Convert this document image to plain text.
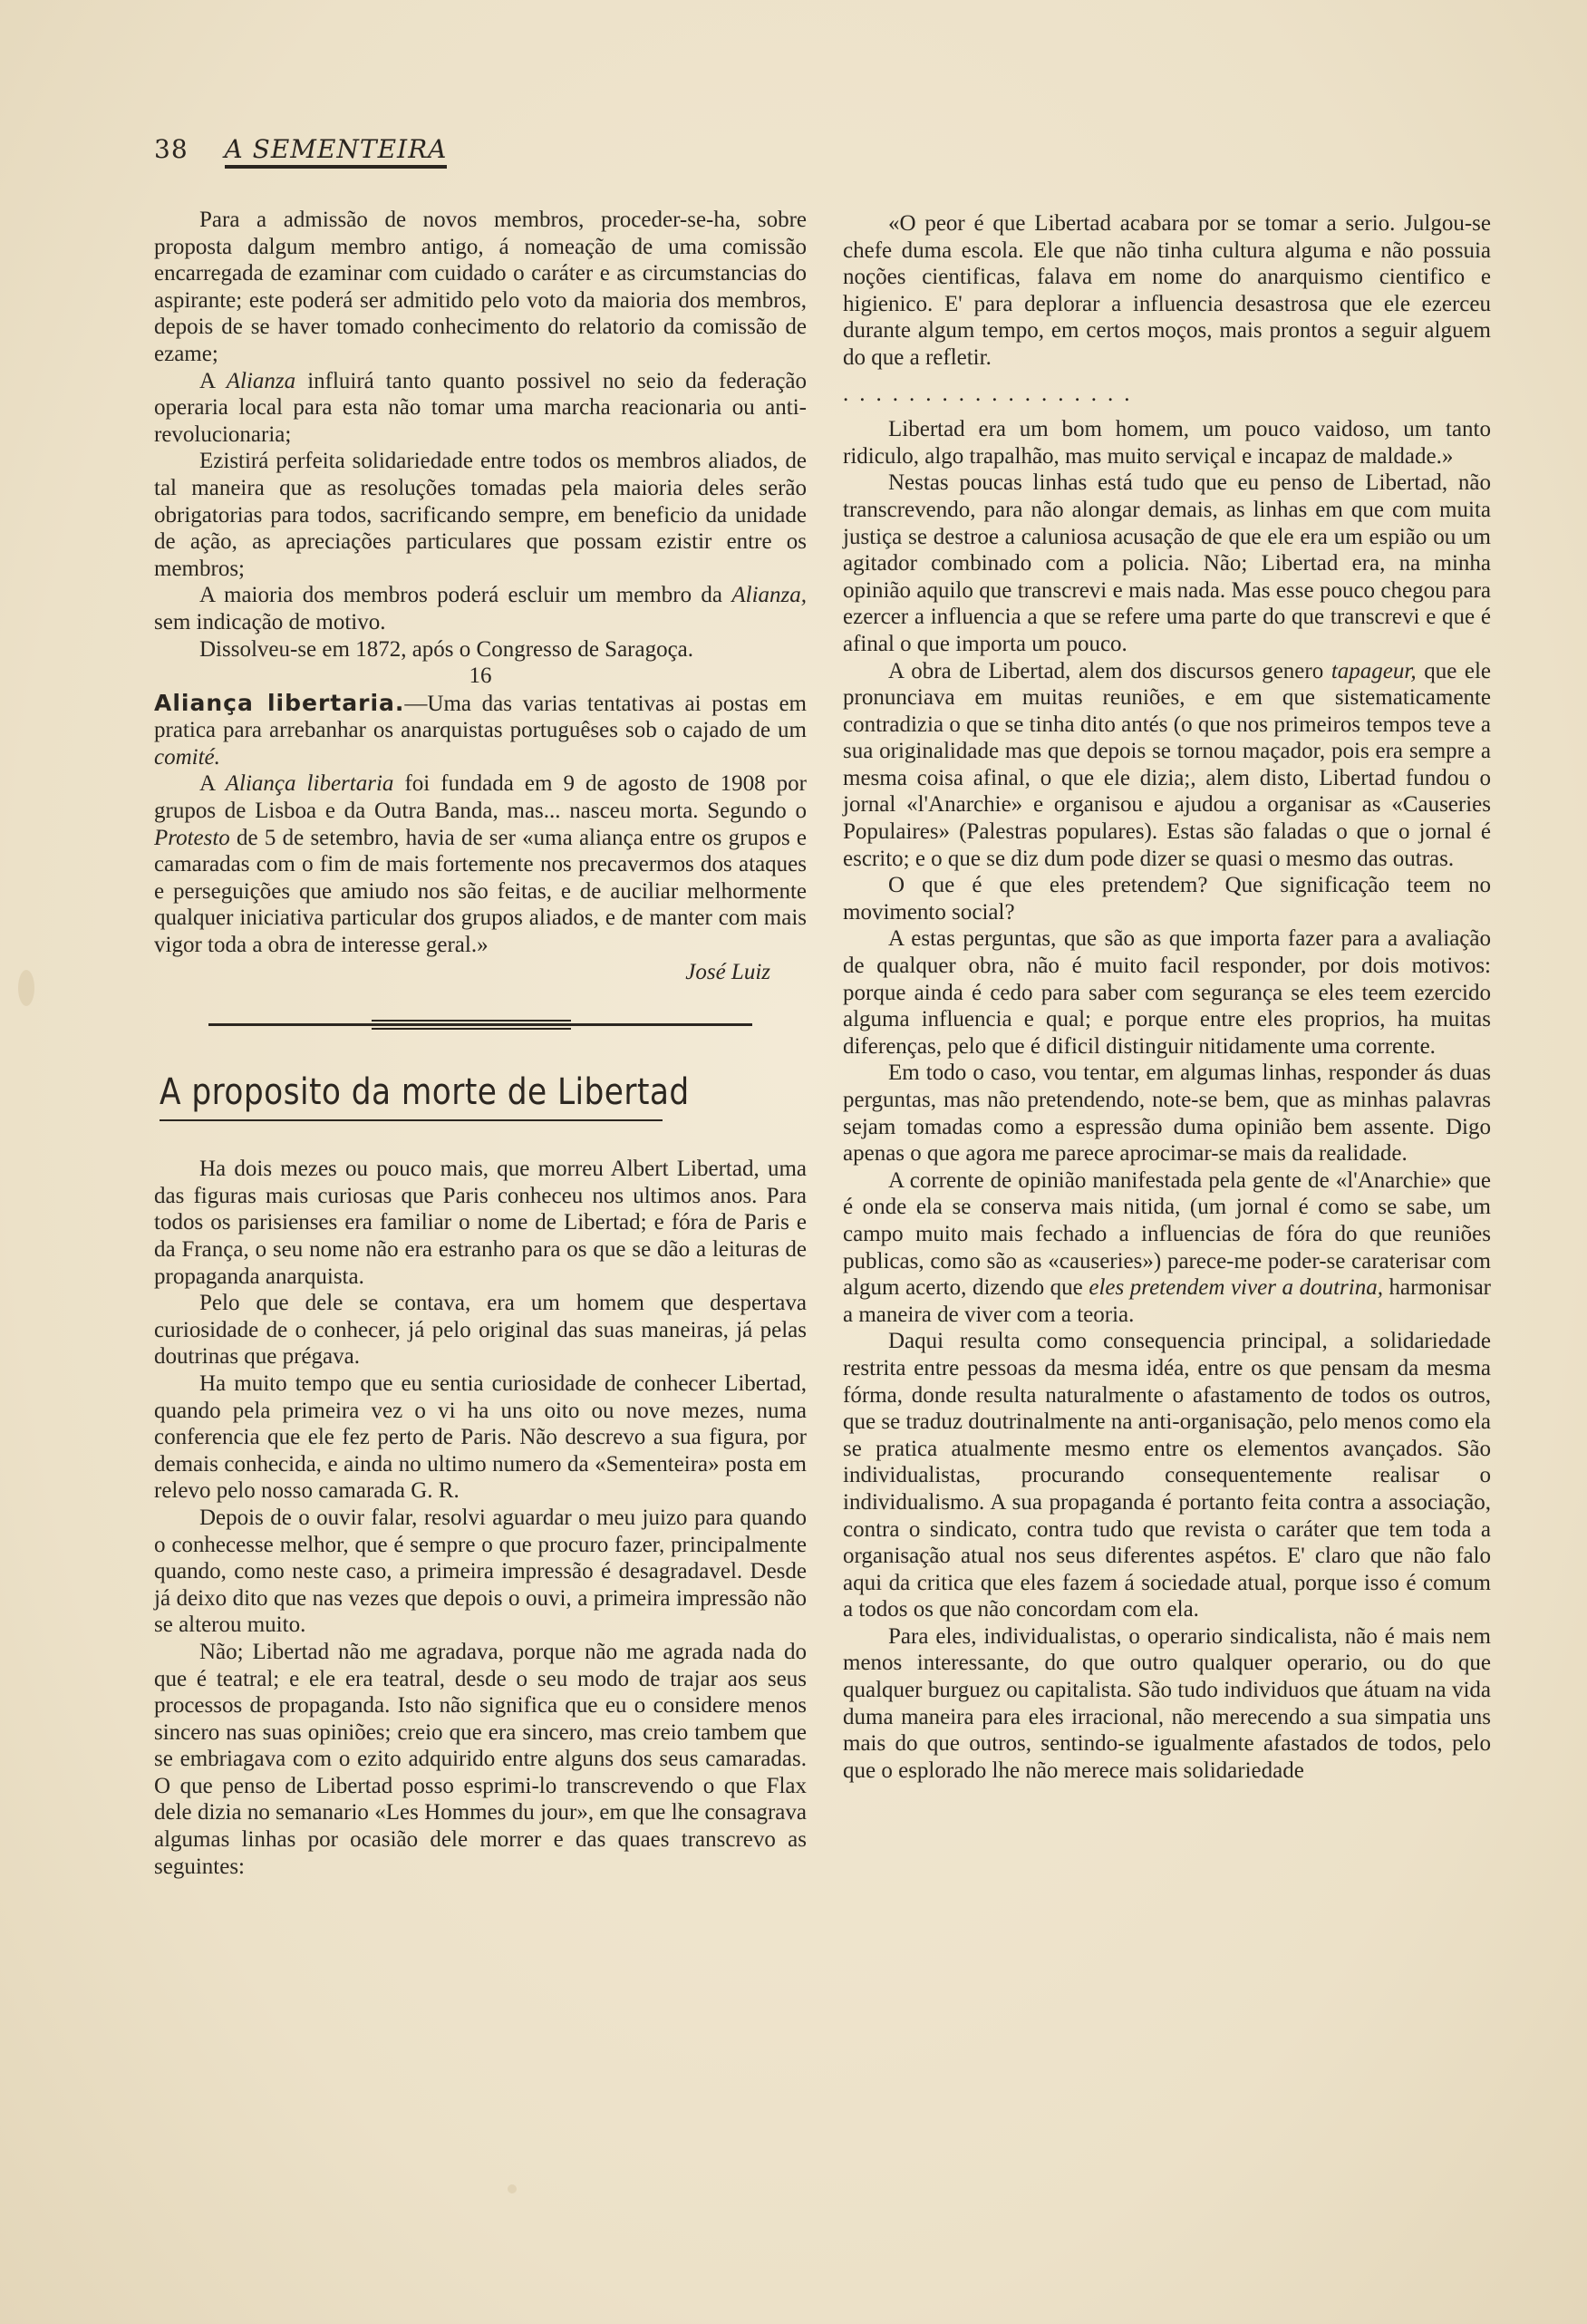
38 A SEMENTEIRA

Para a admissão de novos membros, proceder-se-ha, sobre proposta dalgum membro antigo, á nomeação de uma comissão encarregada de ezaminar com cuidado o caráter e as circumstancias do aspirante; este poderá ser admitido pelo voto da maioria dos membros, depois de se haver tomado conhecimento do relatorio da comissão de ezame;

A Alianza influirá tanto quanto possivel no seio da federação operaria local para esta não tomar uma marcha reacionaria ou anti-revolucionaria;

Ezistirá perfeita solidariedade entre todos os membros aliados, de tal maneira que as resoluções tomadas pela maioria deles serão obrigatorias para todos, sacrificando sempre, em beneficio da unidade de ação, as apreciações particulares que possam ezistir entre os membros;

A maioria dos membros poderá escluir um membro da Alianza, sem indicação de motivo.

Dissolveu-se em 1872, após o Congresso de Saragoça.

16

Aliança libertaria.—Uma das varias tentativas ai postas em pratica para arrebanhar os anarquistas portuguêses sob o cajado de um comité.

A Aliança libertaria foi fundada em 9 de agosto de 1908 por grupos de Lisboa e da Outra Banda, mas... nasceu morta. Segundo o Protesto de 5 de setembro, havia de ser «uma aliança entre os grupos e camaradas com o fim de mais fortemente nos precavermos dos ataques e perseguições que amiudo nos são feitas, e de auciliar melhormente qualquer iniciativa particular dos grupos aliados, e de manter com mais vigor toda a obra de interesse geral.»

José Luiz

A proposito da morte de Libertad

Ha dois mezes ou pouco mais, que morreu Albert Libertad, uma das figuras mais curiosas que Paris conheceu nos ultimos anos. Para todos os parisienses era familiar o nome de Libertad; e fóra de Paris e da França, o seu nome não era estranho para os que se dão a leituras de propaganda anarquista.

Pelo que dele se contava, era um homem que despertava curiosidade de o conhecer, já pelo original das suas maneiras, já pelas doutrinas que prégava.

Ha muito tempo que eu sentia curiosidade de conhecer Libertad, quando pela primeira vez o vi ha uns oito ou nove mezes, numa conferencia que ele fez perto de Paris. Não descrevo a sua figura, por demais conhecida, e ainda no ultimo numero da «Sementeira» posta em relevo pelo nosso camarada G. R.

Depois de o ouvir falar, resolvi aguardar o meu juizo para quando o conhecesse melhor, que é sempre o que procuro fazer, principalmente quando, como neste caso, a primeira impressão é desagradavel. Desde já deixo dito que nas vezes que depois o ouvi, a primeira impressão não se alterou muito.

Não; Libertad não me agradava, porque não me agrada nada do que é teatral; e ele era teatral, desde o seu modo de trajar aos seus processos de propaganda. Isto não significa que eu o considere menos sincero nas suas opiniões; creio que era sincero, mas creio tambem que se embriagava com o ezito adquirido entre alguns dos seus camaradas. O que penso de Libertad posso esprimi-lo transcrevendo o que Flax dele dizia no semanario «Les Hommes du jour», em que lhe consagrava algumas linhas por ocasião dele morrer e das quaes transcrevo as seguintes:

«O peor é que Libertad acabara por se tomar a serio. Julgou-se chefe duma escola. Ele que não tinha cultura alguma e não possuia noções cientificas, falava em nome do anarquismo cientifico e higienico. E' para deplorar a influencia desastrosa que ele ezerceu durante algum tempo, em certos moços, mais prontos a seguir alguem do que a refletir.

..................

Libertad era um bom homem, um pouco vaidoso, um tanto ridiculo, algo trapalhão, mas muito serviçal e incapaz de maldade.»

Nestas poucas linhas está tudo que eu penso de Libertad, não transcrevendo, para não alongar demais, as linhas em que com muita justiça se destroe a caluniosa acusação de que ele era um espião ou um agitador combinado com a policia. Não; Libertad era, na minha opinião aquilo que transcrevi e mais nada. Mas esse pouco chegou para ezercer a influencia a que se refere uma parte do que transcrevi e que é afinal o que importa um pouco.

A obra de Libertad, alem dos discursos genero tapageur, que ele pronunciava em muitas reuniões, e em que sistematicamente contradizia o que se tinha dito antés (o que nos primeiros tempos teve a sua originalidade mas que depois se tornou maçador, pois era sempre a mesma coisa afinal, o que ele dizia;, alem disto, Libertad fundou o jornal «l'Anarchie» e organisou e ajudou a organisar as «Causeries Populaires» (Palestras populares). Estas são faladas o que o jornal é escrito; e o que se diz dum pode dizer se quasi o mesmo das outras.

O que é que eles pretendem? Que significação teem no movimento social?

A estas perguntas, que são as que importa fazer para a avaliação de qualquer obra, não é muito facil responder, por dois motivos: porque ainda é cedo para saber com segurança se eles teem ezercido alguma influencia e qual; e porque entre eles proprios, ha muitas diferenças, pelo que é dificil distinguir nitidamente uma corrente.

Em todo o caso, vou tentar, em algumas linhas, responder ás duas perguntas, mas não pretendendo, note-se bem, que as minhas palavras sejam tomadas como a espressão duma opinião bem assente. Digo apenas o que agora me parece aprocimar-se mais da realidade.

A corrente de opinião manifestada pela gente de «l'Anarchie» que é onde ela se conserva mais nitida, (um jornal é como se sabe, um campo muito mais fechado a influencias de fóra do que reuniões publicas, como são as «causeries») parece-me poder-se caraterisar com algum acerto, dizendo que eles pretendem viver a doutrina, harmonisar a maneira de viver com a teoria.

Daqui resulta como consequencia principal, a solidariedade restrita entre pessoas da mesma idéa, entre os que pensam da mesma fórma, donde resulta naturalmente o afastamento de todos os outros, que se traduz doutrinalmente na anti-organisação, pelo menos como ela se pratica atualmente mesmo entre os elementos avançados. São individualistas, procurando consequentemente realisar o individualismo. A sua propaganda é portanto feita contra a associação, contra o sindicato, contra tudo que revista o caráter que tem toda a organisação atual nos seus diferentes aspétos. E' claro que não falo aqui da critica que eles fazem á sociedade atual, porque isso é comum a todos os que não concordam com ela.

Para eles, individualistas, o operario sindicalista, não é mais nem menos interessante, do que outro qualquer operario, ou do que qualquer burguez ou capitalista. São tudo individuos que átuam na vida duma maneira para eles irracional, não merecendo a sua simpatia uns mais do que outros, sentindo-se igualmente afastados de todos, pelo que o esplorado lhe não merece mais solidariedade
